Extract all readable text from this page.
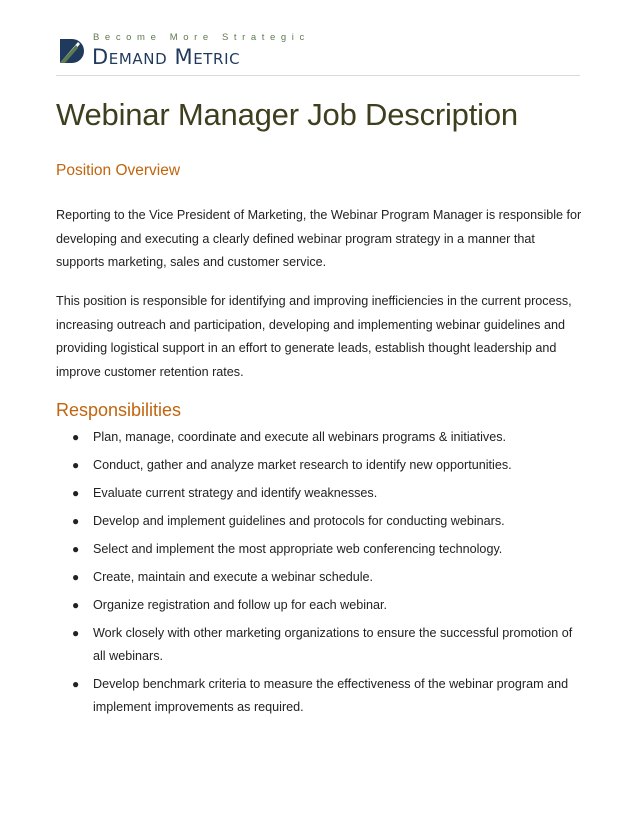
Become More Strategic
Demand Metric
Webinar Manager Job Description
Position Overview

Reporting to the Vice President of Marketing, the Webinar Program Manager is responsible for developing and executing a clearly defined webinar program strategy in a manner that supports marketing, sales and customer service.

This position is responsible for identifying and improving inefficiencies in the current process, increasing outreach and participation, developing and implementing webinar guidelines and providing logistical support in an effort to generate leads, establish thought leadership and improve customer retention rates.

Responsibilities
● Plan, manage, coordinate and execute all webinars programs & initiatives.
● Conduct, gather and analyze market research to identify new opportunities.
● Evaluate current strategy and identify weaknesses.
● Develop and implement guidelines and protocols for conducting webinars.
● Select and implement the most appropriate web conferencing technology.
● Create, maintain and execute a webinar schedule.
● Organize registration and follow up for each webinar.
● Work closely with other marketing organizations to ensure the successful promotion of all webinars.
● Develop benchmark criteria to measure the effectiveness of the webinar program and implement improvements as required.
